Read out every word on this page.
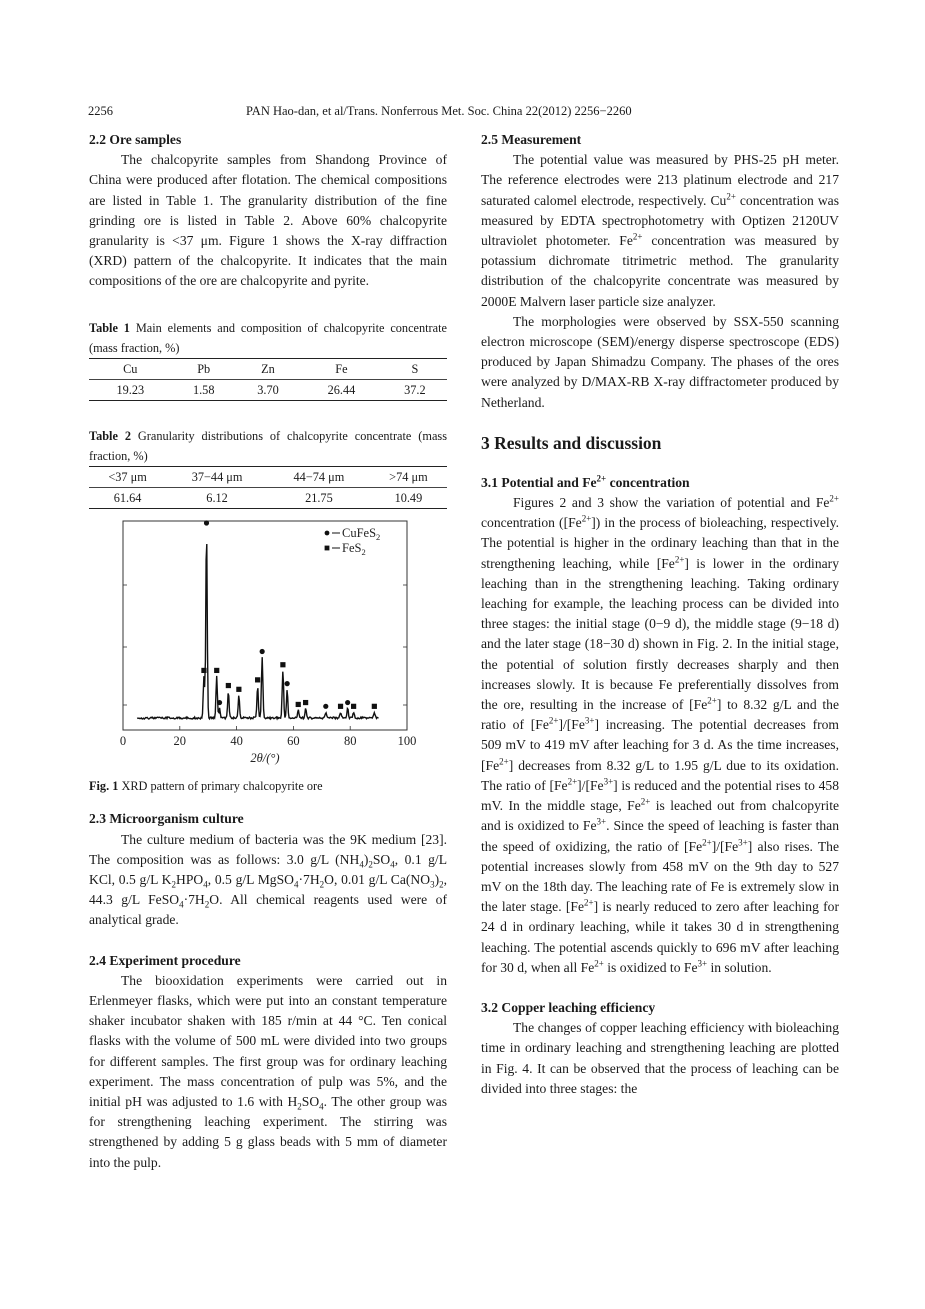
2256	PAN Hao-dan, et al/Trans. Nonferrous Met. Soc. China 22(2012) 2256−2260
2.2 Ore samples

The chalcopyrite samples from Shandong Province of China were produced after flotation. The chemical compositions are listed in Table 1. The granularity distribution of the fine grinding ore is listed in Table 2. Above 60% chalcopyrite granularity is <37 μm. Figure 1 shows the X-ray diffraction (XRD) pattern of the chalcopyrite. It indicates that the main compositions of the ore are chalcopyrite and pyrite.

Table 1 Main elements and composition of chalcopyrite concentrate (mass fraction, %)
Cu	Pb	Zn	Fe	S
19.23	1.58	3.70	26.44	37.2
Table 2 Granularity distributions of chalcopyrite concentrate (mass fraction, %)
<37 μm	37−44 μm	44−74 μm	>74 μm
61.64	6.12	21.75	10.49
0	20	40	60	80	100
2θ/(°)
CuFeS$_2$
FeS$_2$
Fig. 1 XRD pattern of primary chalcopyrite ore
2.3 Microorganism culture

The culture medium of bacteria was the 9K medium [23]. The composition was as follows: 3.0 g/L $(NH_4)_2SO_4$, 0.1 g/L KCl, 0.5 g/L $K_2HPO_4$, 0.5 g/L $MgSO_4\cdot 7H_2O$, 0.01 g/L $Ca(NO_3)_2$, 44.3 g/L $FeSO_4\cdot 7H_2O$. All chemical reagents used were of analytical grade.

2.4 Experiment procedure

The biooxidation experiments were carried out in Erlenmeyer flasks, which were put into an constant temperature shaker incubator shaken with 185 r/min at 44 °C. Ten conical flasks with the volume of 500 mL were divided into two groups for different samples. The first group was for ordinary leaching experiment. The mass concentration of pulp was 5%, and the initial pH was adjusted to 1.6 with $H_2SO_4$. The other group was for strengthening leaching experiment. The stirring was strengthened by adding 5 g glass beads with 5 mm of diameter into the pulp.

2.5 Measurement

The potential value was measured by PHS-25 pH meter. The reference electrodes were 213 platinum electrode and 217 saturated calomel electrode, respectively. $Cu^{2+}$ concentration was measured by EDTA spectrophotometry with Optizen 2120UV ultraviolet photometer. $Fe^{2+}$ concentration was measured by potassium dichromate titrimetric method. The granularity distribution of the chalcopyrite concentrate was measured by 2000E Malvern laser particle size analyzer.

The morphologies were observed by SSX-550 scanning electron microscope (SEM)/energy disperse spectroscope (EDS) produced by Japan Shimadzu Company. The phases of the ores were analyzed by D/MAX-RB X-ray diffractometer produced by Netherland.

3 Results and discussion
3.1 Potential and $Fe^{2+}$ concentration

Figures 2 and 3 show the variation of potential and $Fe^{2+}$ concentration $([Fe^{2+}])$ in the process of bioleaching, respectively. The potential is higher in the ordinary leaching than that in the strengthening leaching, while $[Fe^{2+}]$ is lower in the ordinary leaching than in the strengthening leaching. Taking ordinary leaching for example, the leaching process can be divided into three stages: the initial stage (0−9 d), the middle stage (9−18 d) and the later stage (18−30 d) shown in Fig. 2. In the initial stage, the potential of solution firstly decreases sharply and then increases slowly. It is because Fe preferentially dissolves from the ore, resulting in the increase of $[Fe^{2+}]$ to 8.32 g/L and the ratio of $[Fe^{2+}]/[Fe^{3+}]$ increasing. The potential decreases from 509 mV to 419 mV after leaching for 3 d. As the time increases, $[Fe^{2+}]$ decreases from 8.32 g/L to 1.95 g/L due to its oxidation. The ratio of $[Fe^{2+}]/[Fe^{3+}]$ is reduced and the potential rises to 458 mV. In the middle stage, $Fe^{2+}$ is leached out from chalcopyrite and is oxidized to $Fe^{3+}$. Since the speed of leaching is faster than the speed of oxidizing, the ratio of $[Fe^{2+}]/[Fe^{3+}]$ also rises. The potential increases slowly from 458 mV on the 9th day to 527 mV on the 18th day. The leaching rate of Fe is extremely slow in the later stage. $[Fe^{2+}]$ is nearly reduced to zero after leaching for 24 d in ordinary leaching, while it takes 30 d in strengthening leaching. The potential ascends quickly to 696 mV after leaching for 30 d, when all $Fe^{2+}$ is oxidized to $Fe^{3+}$ in solution.

3.2 Copper leaching efficiency

The changes of copper leaching efficiency with bioleaching time in ordinary leaching and strengthening leaching are plotted in Fig. 4. It can be observed that the process of leaching can be divided into three stages: the
